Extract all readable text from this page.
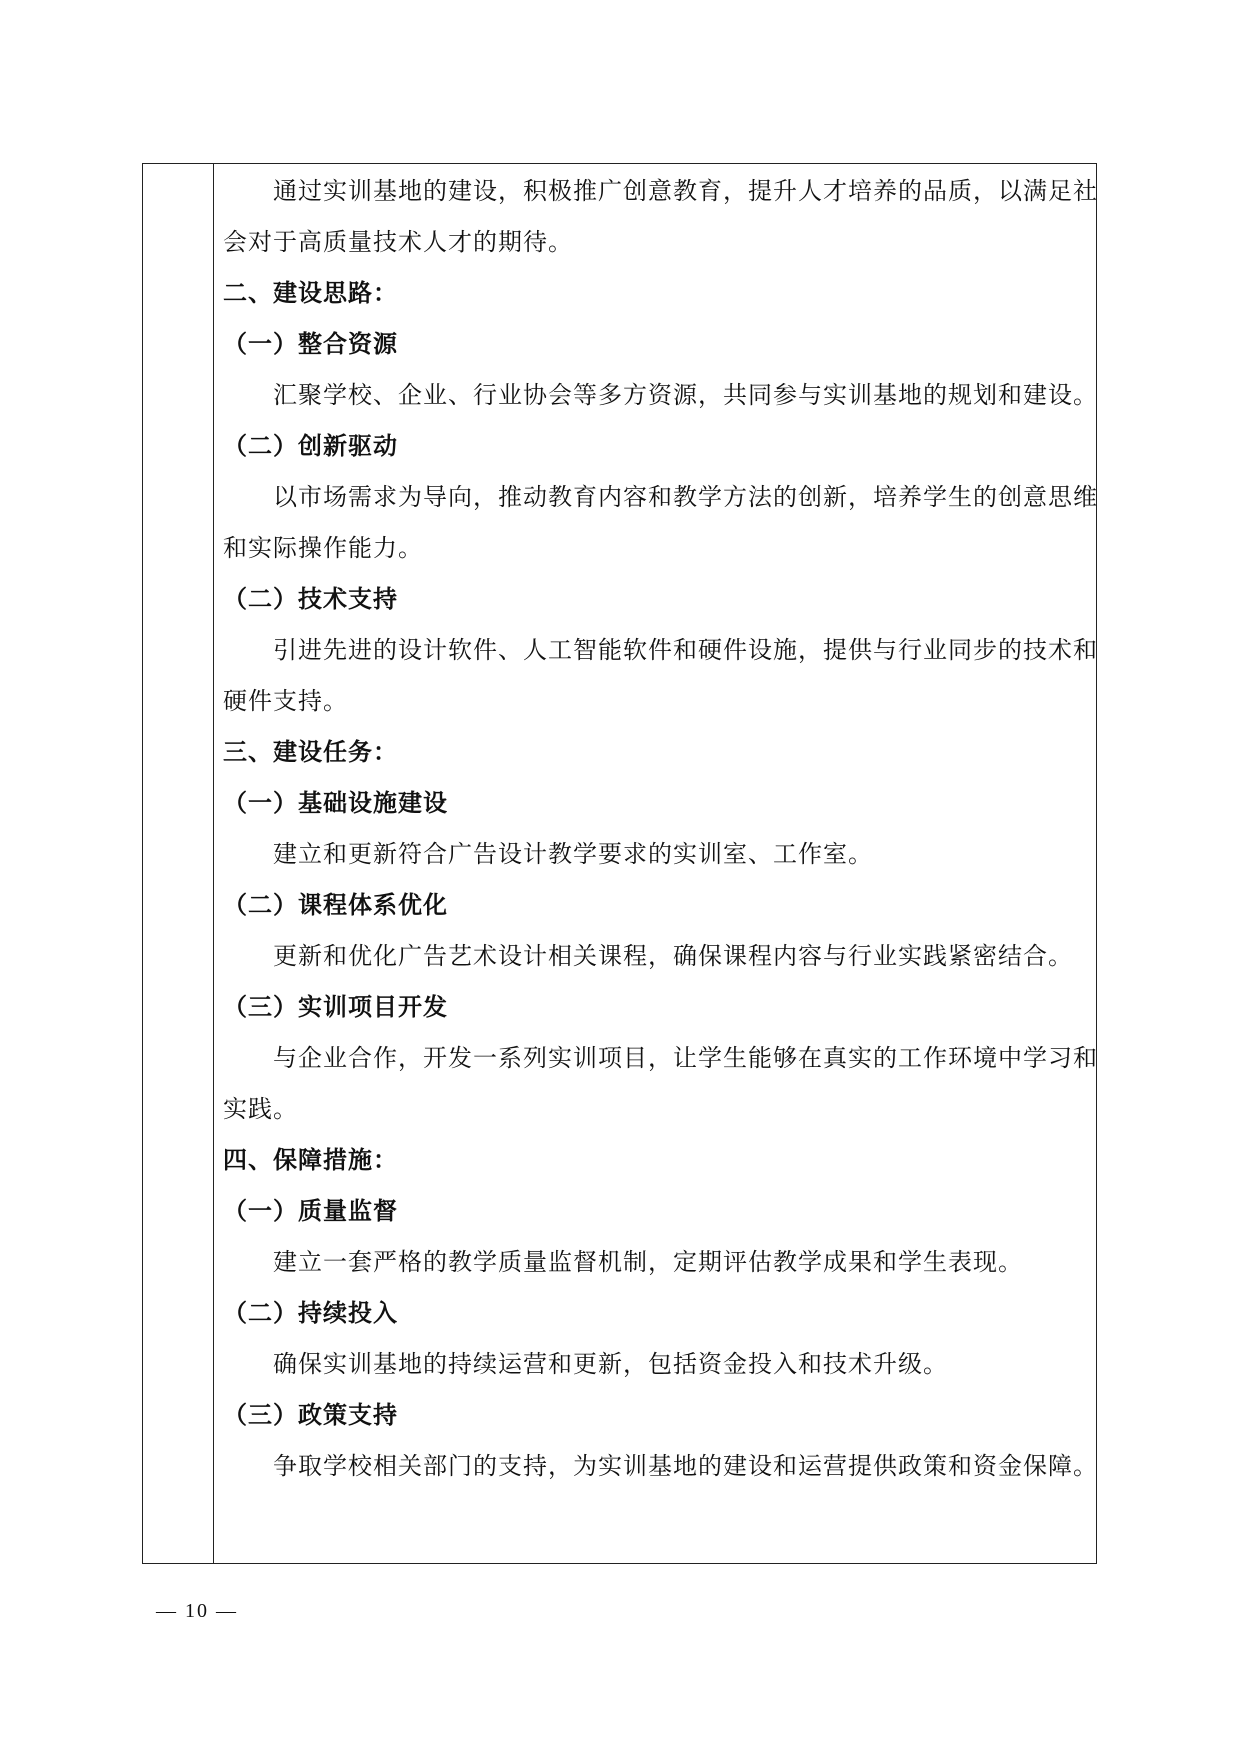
通过实训基地的建设，积极推广创意教育，提升人才培养的品质，以满足社
会对于高质量技术人才的期待。
二、建设思路：
（一）整合资源
汇聚学校、企业、行业协会等多方资源，共同参与实训基地的规划和建设。
（二）创新驱动
以市场需求为导向，推动教育内容和教学方法的创新，培养学生的创意思维
和实际操作能力。
（二）技术支持
引进先进的设计软件、人工智能软件和硬件设施，提供与行业同步的技术和
硬件支持。
三、建设任务：
（一）基础设施建设
建立和更新符合广告设计教学要求的实训室、工作室。
（二）课程体系优化
更新和优化广告艺术设计相关课程，确保课程内容与行业实践紧密结合。
（三）实训项目开发
与企业合作，开发一系列实训项目，让学生能够在真实的工作环境中学习和
实践。
四、保障措施：
（一）质量监督
建立一套严格的教学质量监督机制，定期评估教学成果和学生表现。
（二）持续投入
确保实训基地的持续运营和更新，包括资金投入和技术升级。
（三）政策支持
争取学校相关部门的支持，为实训基地的建设和运营提供政策和资金保障。
— 10 —
